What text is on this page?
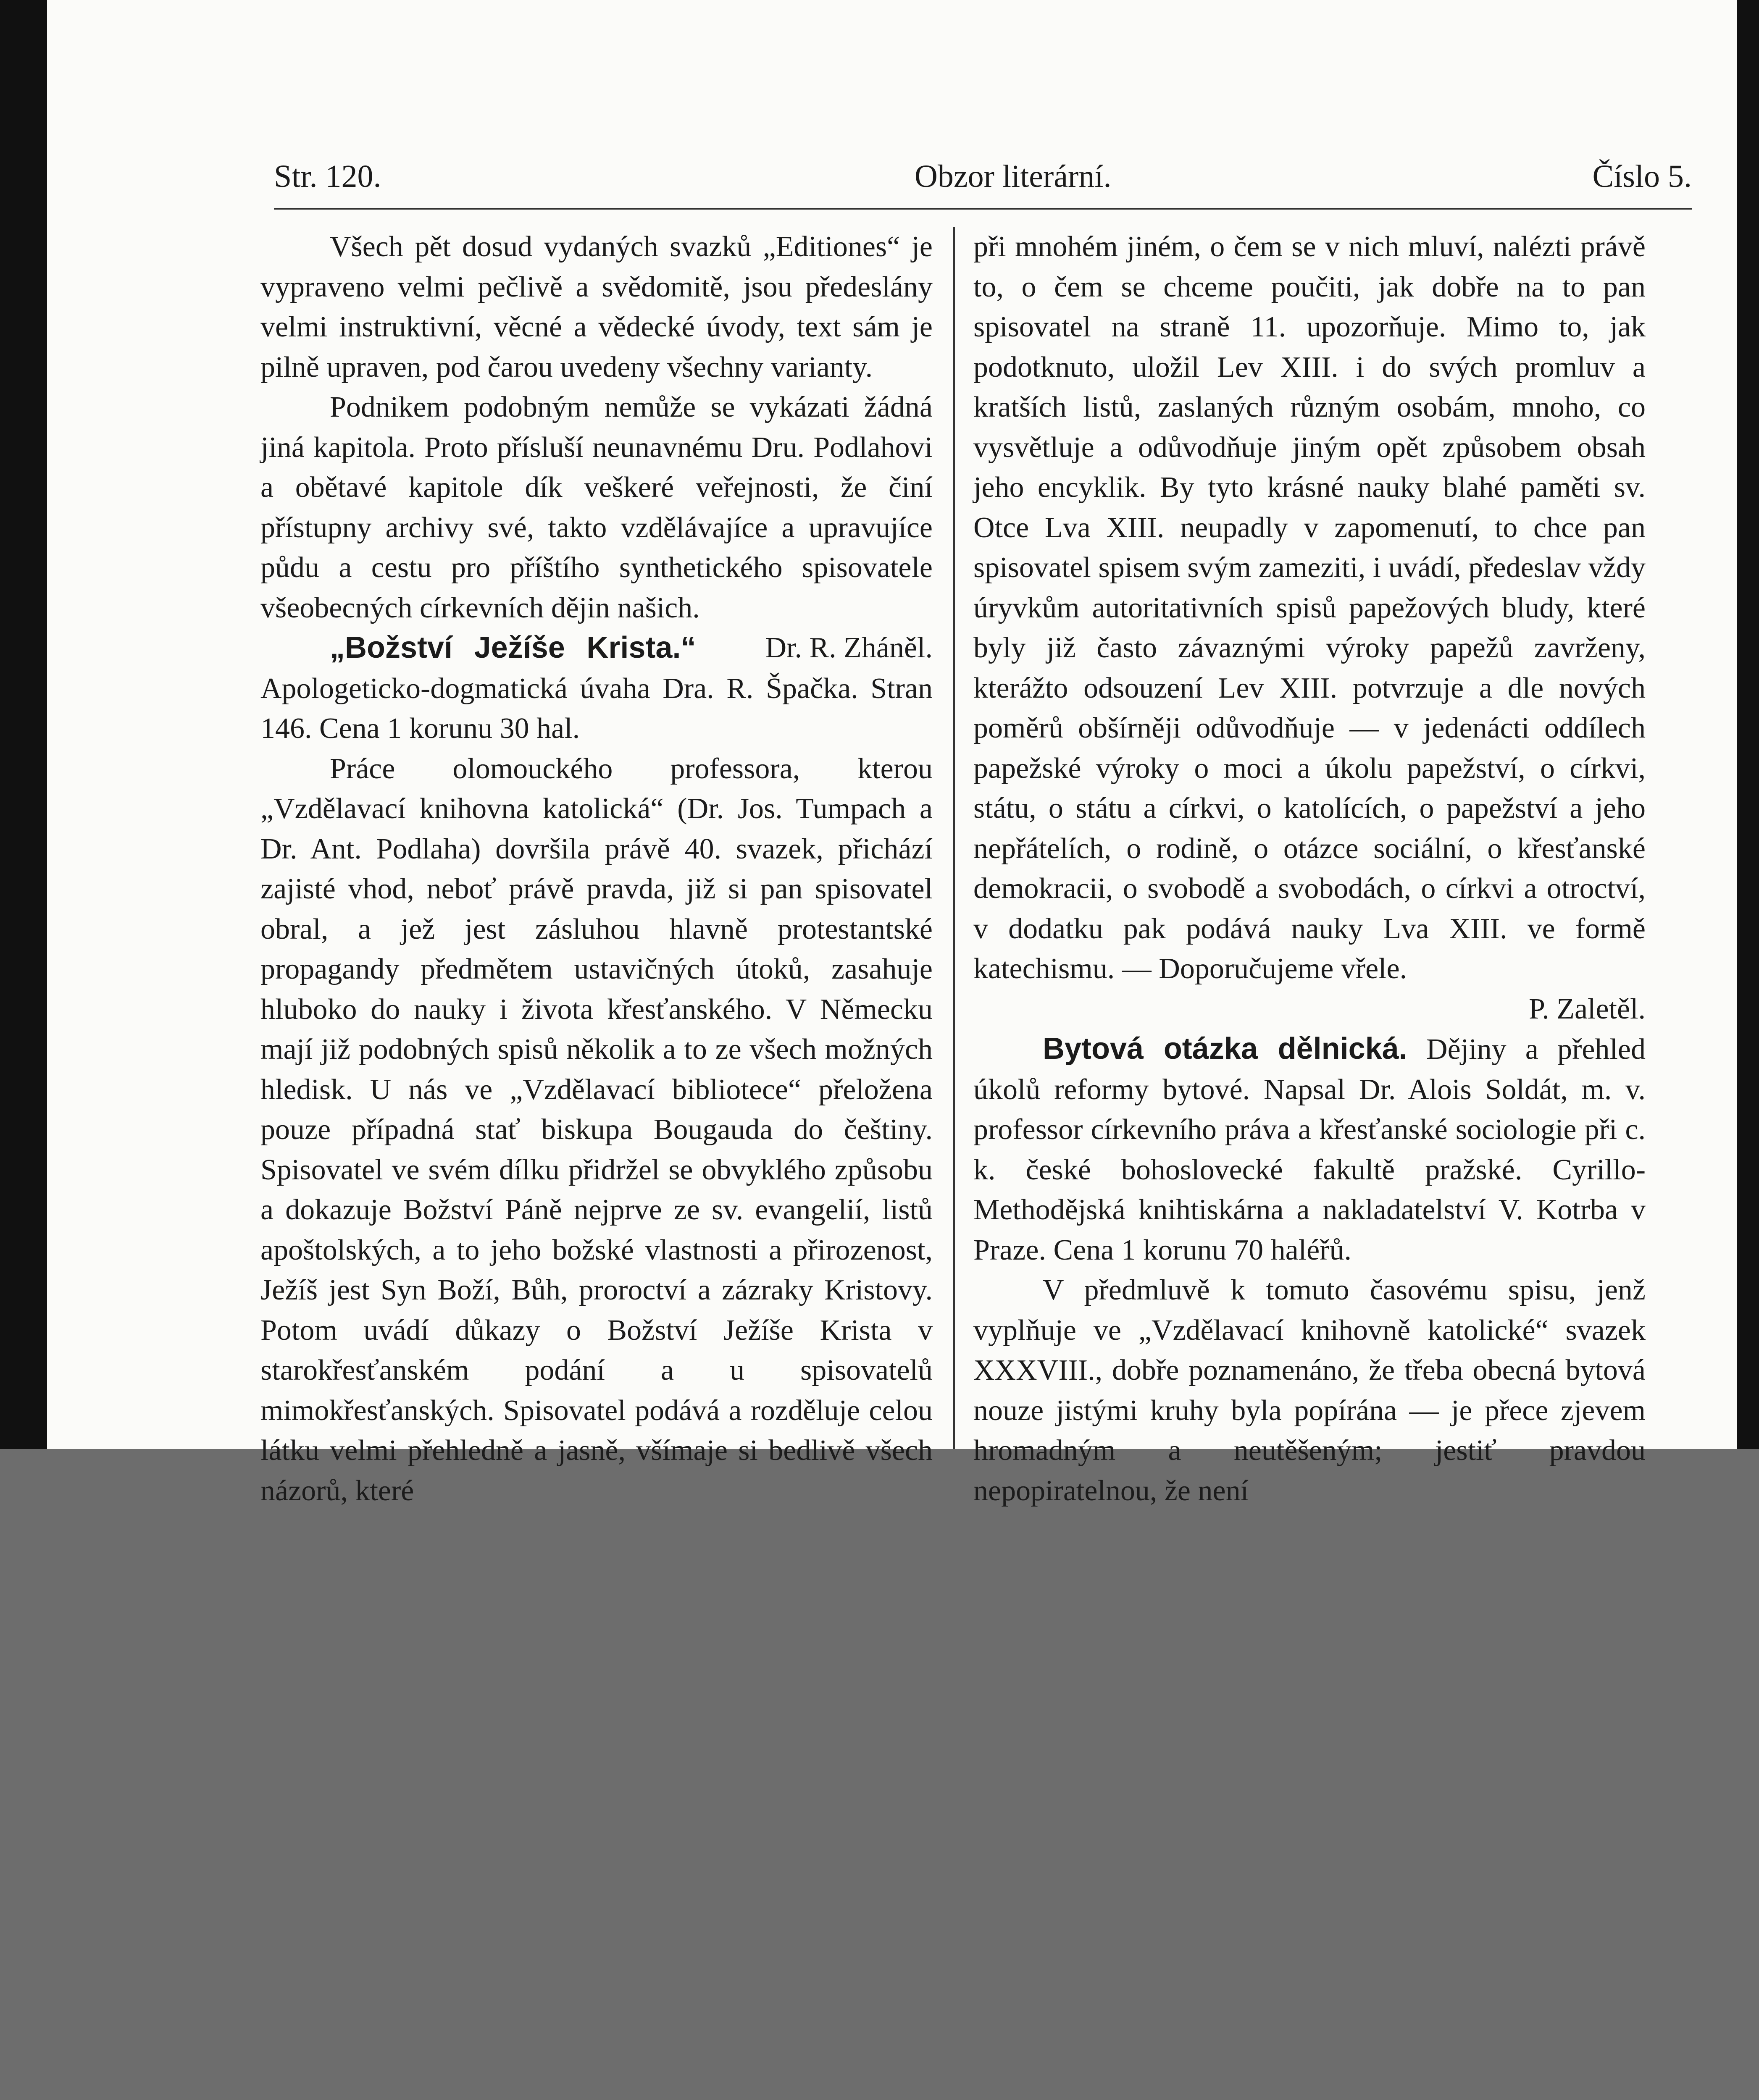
Str. 120.	Obzor literární.	Číslo 5.

Všech pět dosud vydaných svazků „Editiones“ je vypraveno velmi pečlivě a svědomitě, jsou předeslány velmi instruktivní, věcné a vědecké úvody, text sám je pilně upraven, pod čarou uvedeny všechny varianty.

Podnikem podobným nemůže se vykázati žádná jiná kapitola. Proto přísluší neunavnému Dru. Podlahovi a obětavé kapitole dík veškeré veřejnosti, že činí přístupny archivy své, takto vzdělávajíce a upravujíce půdu a cestu pro příštího synthetického spisovatele všeobecných církevních dějin našich.
Dr. R. Zháněl.

„Božství Ježíše Krista.“ Apologeticko-dogmatická úvaha Dra. R. Špačka. Stran 146. Cena 1 korunu 30 hal.

Práce olomouckého professora, kterou „Vzdělavací knihovna katolická“ (Dr. Jos. Tumpach a Dr. Ant. Podlaha) dovršila právě 40. svazek, přichází zajisté vhod, neboť právě pravda, již si pan spisovatel obral, a jež jest zásluhou hlavně protestantské propagandy předmětem ustavičných útoků, zasahuje hluboko do nauky i života křesťanského. V Německu mají již podobných spisů několik a to ze všech možných hledisk. U nás ve „Vzdělavací bibliotece“ přeložena pouze případná stať biskupa Bougauda do češtiny. Spisovatel ve svém dílku přidržel se obvyklého způsobu a dokazuje Božství Páně nejprve ze sv. evangelií, listů apoštolských, a to jeho božské vlastnosti a přirozenost, Ježíš jest Syn Boží, Bůh, proroctví a zázraky Kristovy. Potom uvádí důkazy o Božství Ježíše Krista v starokřesťanském podání a u spisovatelů mimokřesťanských. Spisovatel podává a rozděluje celou látku velmi přehledně a jasně, všímaje si bedlivě všech názorů, které

při mnohém jiném, o čem se v nich mluví, nalézti právě to, o čem se chceme poučiti, jak dobře na to pan spisovatel na straně 11. upozorňuje. Mimo to, jak podotknuto, uložil Lev XIII. i do svých promluv a kratších listů, zaslaných různým osobám, mnoho, co vysvětluje a odůvodňuje jiným opět způsobem obsah jeho encyklik. By tyto krásné nauky blahé paměti sv. Otce Lva XIII. neupadly v zapomenutí, to chce pan spisovatel spisem svým zameziti, i uvádí, předeslav vždy úryvkům autoritativních spisů papežových bludy, které byly již často závaznými výroky papežů zavrženy, kterážto odsouzení Lev XIII. potvrzuje a dle nových poměrů obšírněji odůvodňuje — v jedenácti oddílech papežské výroky o moci a úkolu papežství, o církvi, státu, o státu a církvi, o katolících, o papežství a jeho nepřátelích, o rodině, o otázce sociální, o křesťanské demokracii, o svobodě a svobodách, o církvi a otroctví, v dodatku pak podává nauky Lva XIII. ve formě katechismu. — Doporučujeme vřele.

P. Zaletěl.

Bytová otázka dělnická. Dějiny a přehled úkolů reformy bytové. Napsal Dr. Alois Soldát, m. v. professor církevního práva a křesťanské sociologie při c. k. české bohoslovecké fakultě pražské. Cyrillo-Methodějská knihtiskárna a nakladatelství V. Kotrba v Praze. Cena 1 korunu 70 haléřů.

V předmluvě k tomuto časovému spisu, jenž vyplňuje ve „Vzdělavací knihovně katolické“ svazek XXXVIII., dobře poznamenáno, že třeba obecná bytová nouze jistými kruhy byla popírána — je přece zjevem hromadným a neutěšeným; jestiť pravdou nepopiratelnou, že není
